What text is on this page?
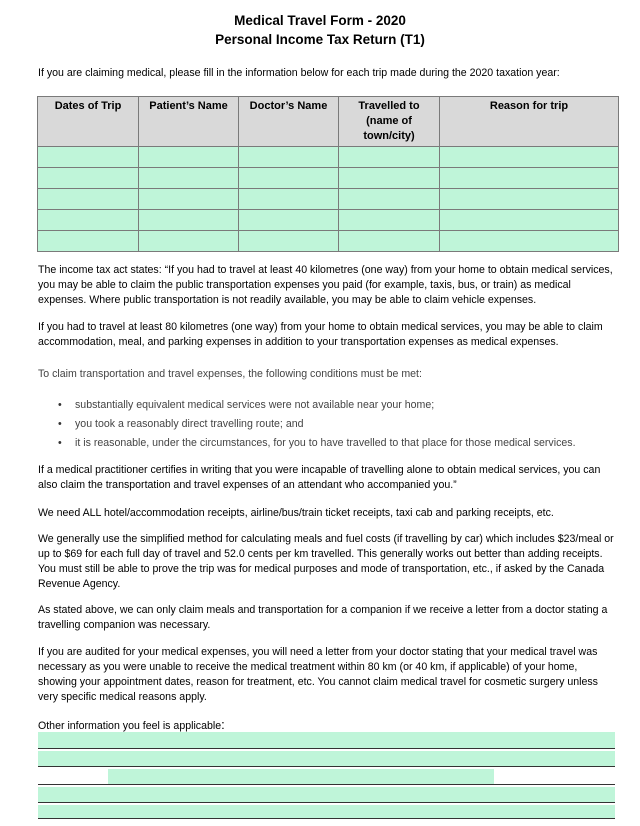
Medical Travel Form - 2020
Personal Income Tax Return (T1)
If you are claiming medical, please fill in the information below for each trip made during the 2020 taxation year:
Dates of Trip	Patient’s Name	Doctor’s Name	Travelled to (name of town/city)	Reason for trip

The income tax act states: “If you had to travel at least 40 kilometres (one way) from your home to obtain medical services, you may be able to claim the public transportation expenses you paid (for example, taxis, bus, or train) as medical expenses. Where public transportation is not readily available, you may be able to claim vehicle expenses.
If you had to travel at least 80 kilometres (one way) from your home to obtain medical services, you may be able to claim accommodation, meal, and parking expenses in addition to your transportation expenses as medical expenses.
To claim transportation and travel expenses, the following conditions must be met:
• substantially equivalent medical services were not available near your home;
• you took a reasonably direct travelling route; and
• it is reasonable, under the circumstances, for you to have travelled to that place for those medical services.
If a medical practitioner certifies in writing that you were incapable of travelling alone to obtain medical services, you can also claim the transportation and travel expenses of an attendant who accompanied you.”
We need ALL hotel/accommodation receipts, airline/bus/train ticket receipts, taxi cab and parking receipts, etc.
We generally use the simplified method for calculating meals and fuel costs (if travelling by car) which includes $23/meal or up to $69 for each full day of travel and 52.0 cents per km travelled. This generally works out better than adding receipts. You must still be able to prove the trip was for medical purposes and mode of transportation, etc., if asked by the Canada Revenue Agency.
As stated above, we can only claim meals and transportation for a companion if we receive a letter from a doctor stating a travelling companion was necessary.
If you are audited for your medical expenses, you will need a letter from your doctor stating that your medical travel was necessary as you were unable to receive the medical treatment within 80 km (or 40 km, if applicable) of your home, showing your appointment dates, reason for treatment, etc. You cannot claim medical travel for cosmetic surgery unless very specific medical reasons apply.
Other information you feel is applicable:
